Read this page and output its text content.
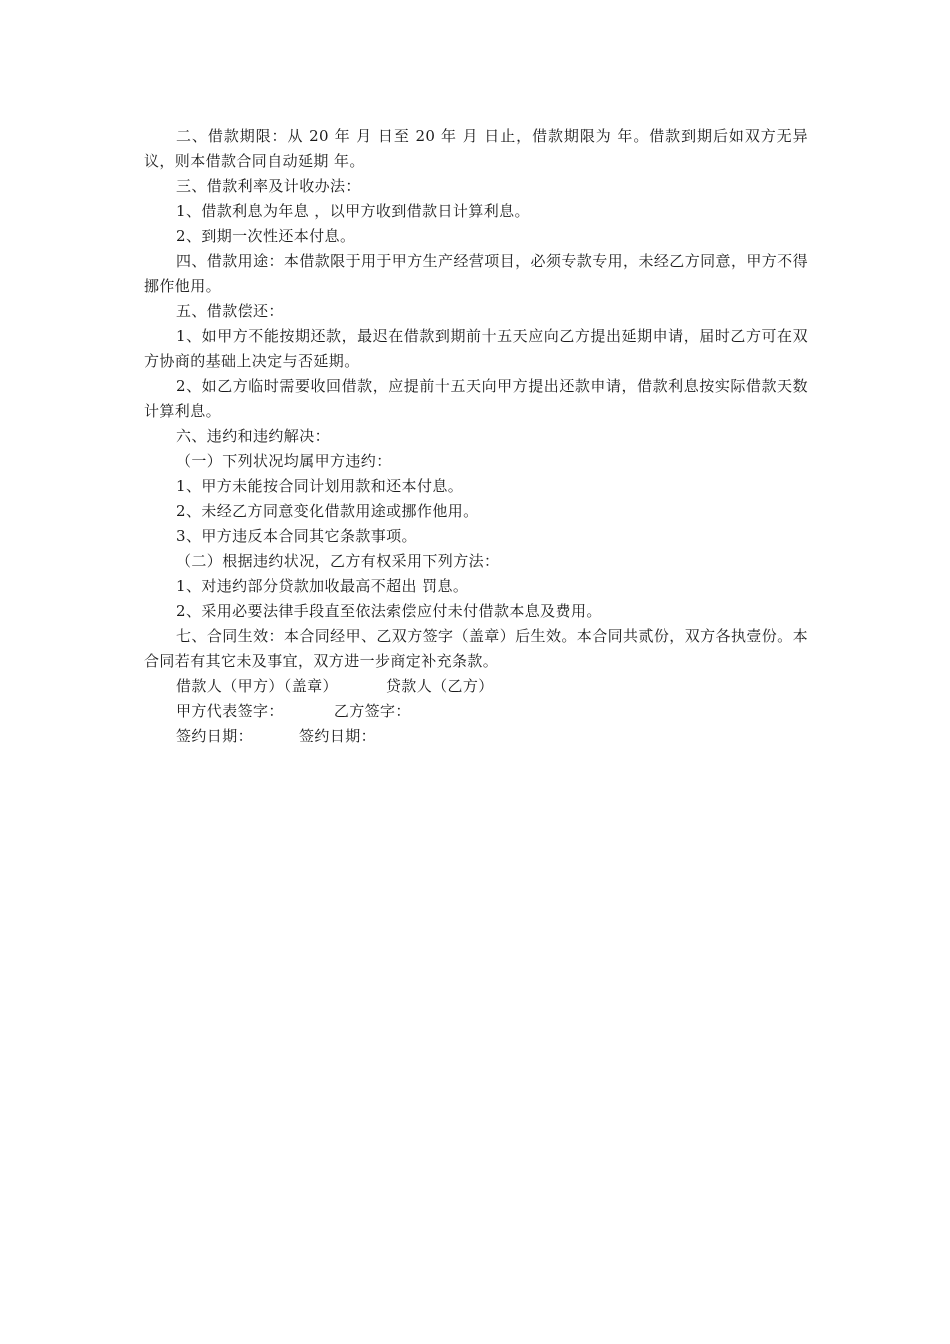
二、借款期限：从 20 年 月 日至 20 年 月 日止，借款期限为 年。借款到期后如双方无异议，则本借款合同自动延期 年。

三、借款利率及计收办法：

1、借款利息为年息 ，以甲方收到借款日计算利息。

2、到期一次性还本付息。

四、借款用途：本借款限于用于甲方生产经营项目，必须专款专用，未经乙方同意，甲方不得挪作他用。

五、借款偿还：

1、如甲方不能按期还款，最迟在借款到期前十五天应向乙方提出延期申请，届时乙方可在双方协商的基础上决定与否延期。

2、如乙方临时需要收回借款，应提前十五天向甲方提出还款申请，借款利息按实际借款天数计算利息。

六、违约和违约解决：

（一）下列状况均属甲方违约：

1、甲方未能按合同计划用款和还本付息。

2、未经乙方同意变化借款用途或挪作他用。

3、甲方违反本合同其它条款事项。

（二）根据违约状况，乙方有权采用下列方法：

1、对违约部分贷款加收最高不超出 罚息。

2、采用必要法律手段直至依法索偿应付未付借款本息及费用。

七、合同生效：本合同经甲、乙双方签字（盖章）后生效。本合同共贰份，双方各执壹份。本合同若有其它未及事宜，双方进一步商定补充条款。

借款人（甲方）（盖章）	贷款人（乙方）
甲方代表签字：	乙方签字：
签约日期：	签约日期：
